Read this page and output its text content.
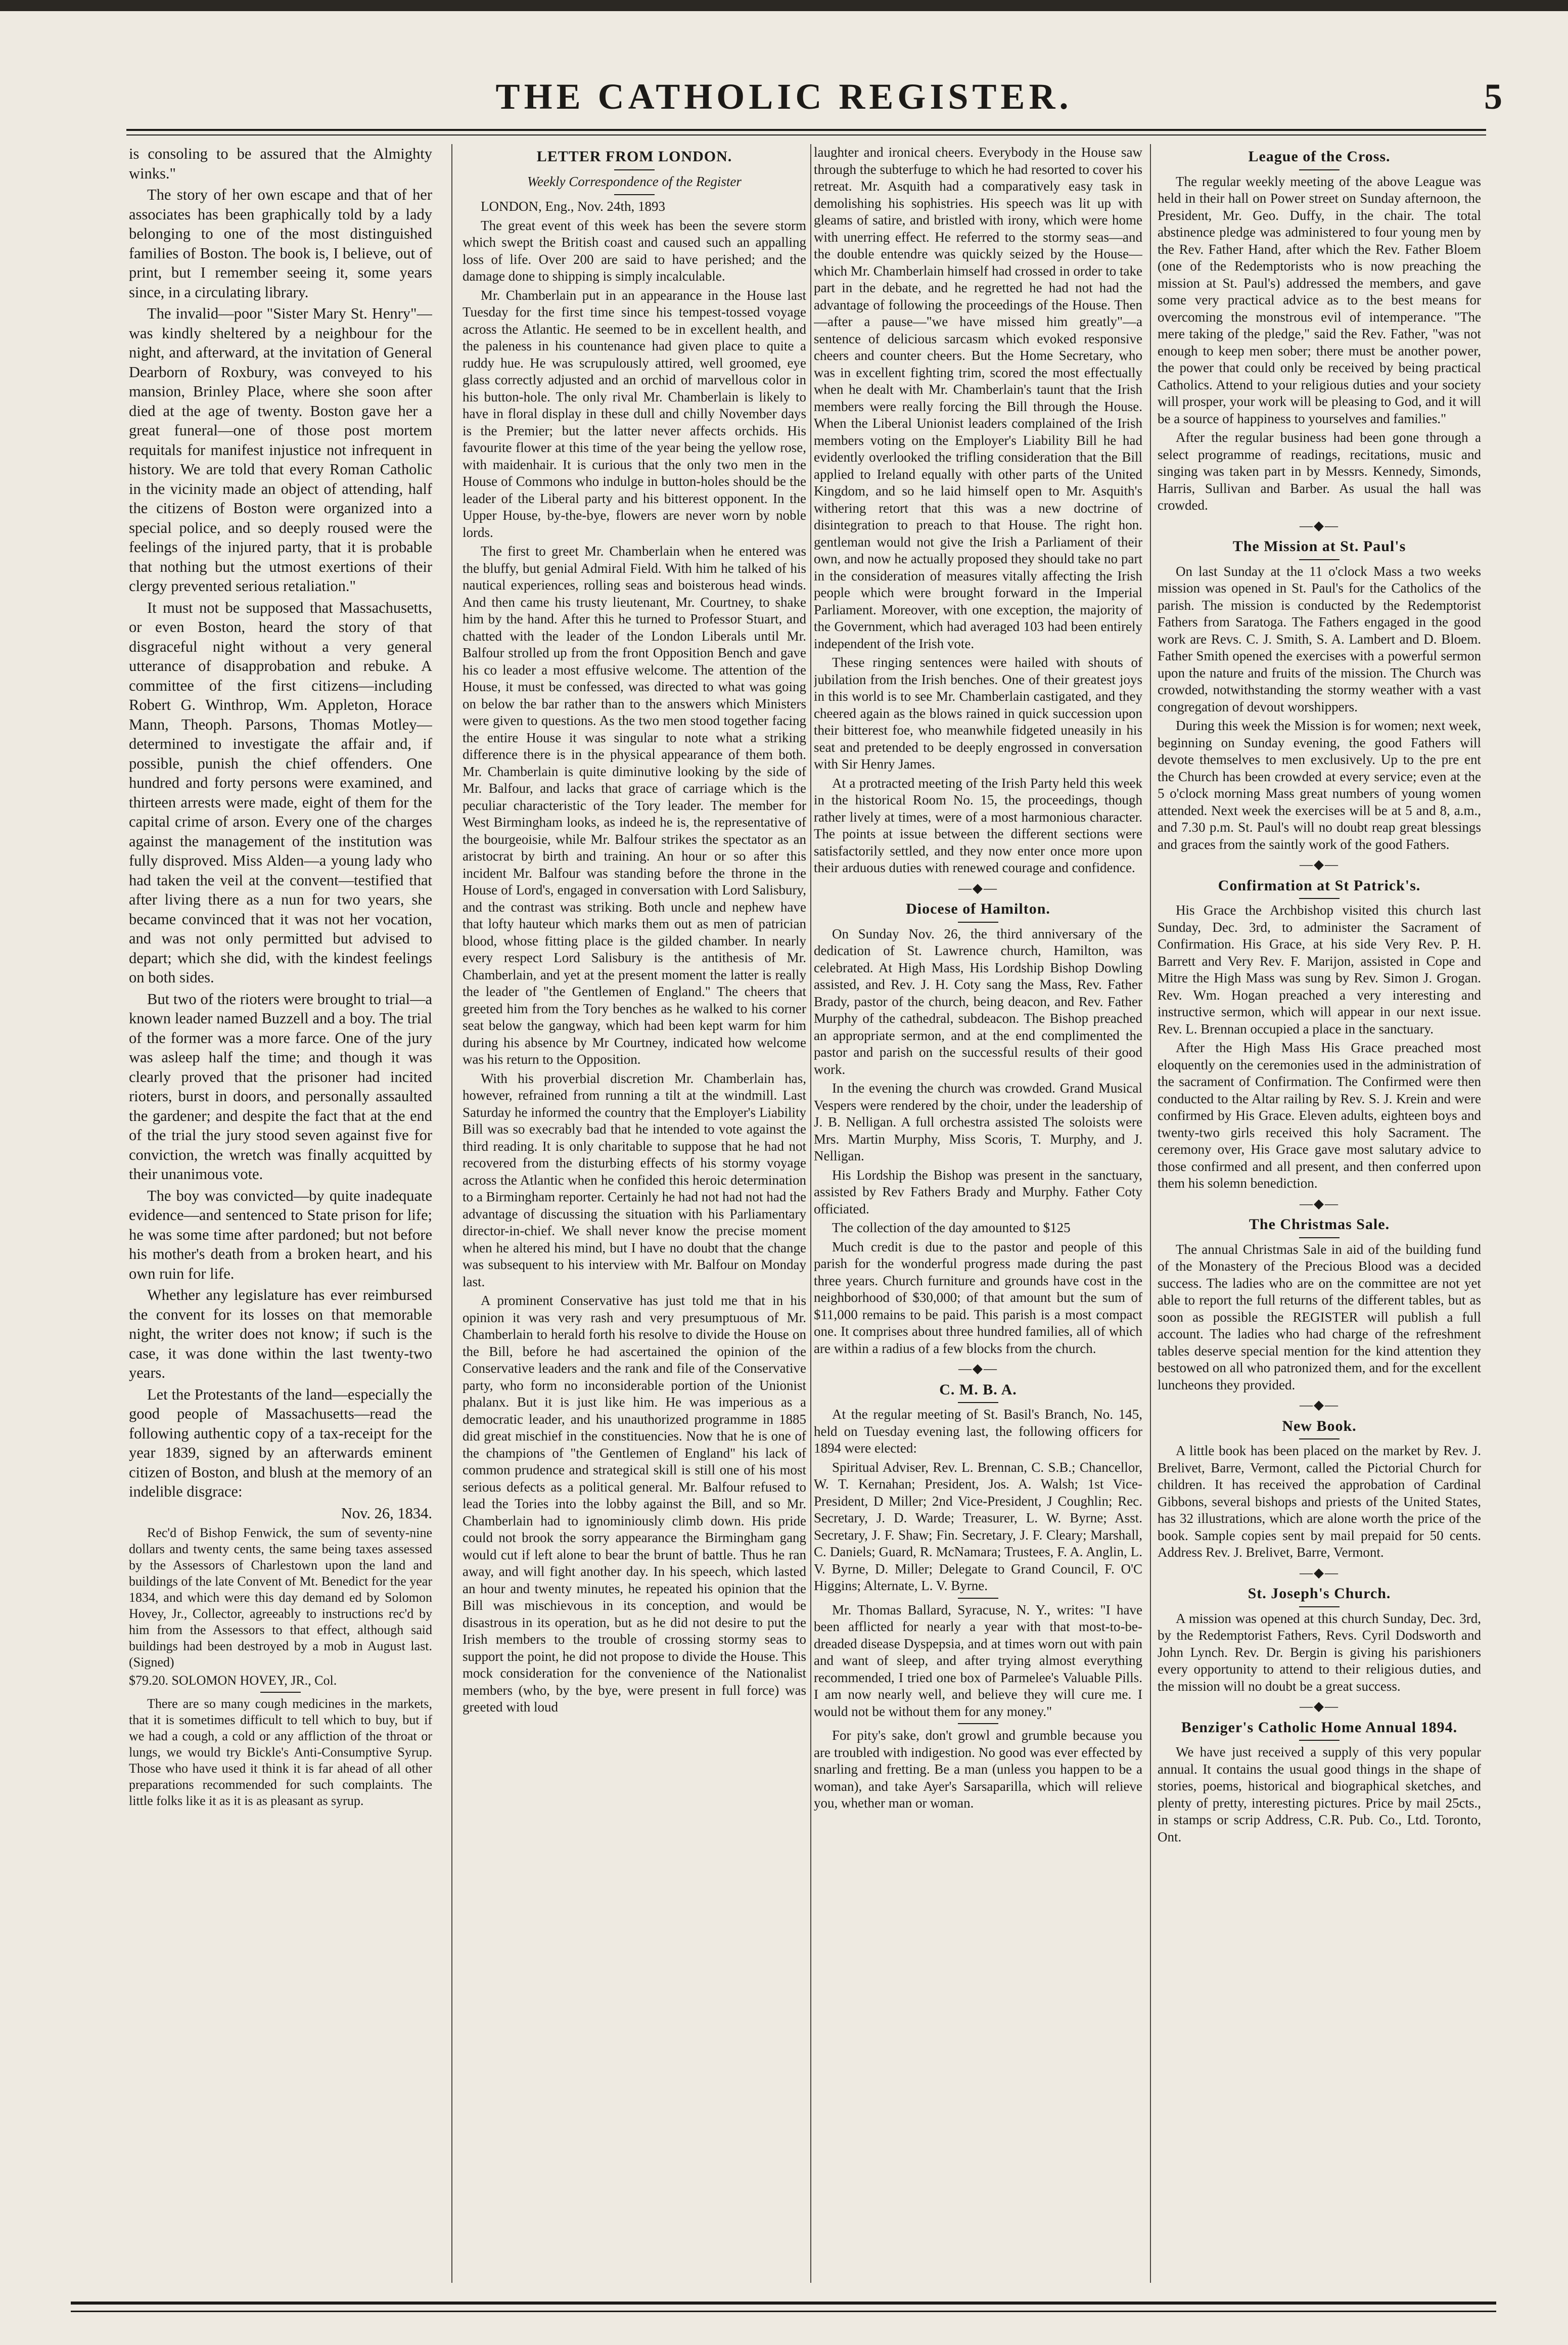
THE CATHOLIC REGISTER.	5

is consoling to be assured that the Almighty winks."

The story of her own escape and that of her associates has been graphically told by a lady belonging to one of the most distinguished families of Boston. The book is, I believe, out of print, but I remember seeing it, some years since, in a circulating library.

The invalid—poor "Sister Mary St. Henry"—was kindly sheltered by a neighbour for the night, and afterward, at the invitation of General Dearborn of Roxbury, was conveyed to his mansion, Brinley Place, where she soon after died at the age of twenty. Boston gave her a great funeral—one of those post mortem requitals for manifest injustice not infrequent in history. We are told that every Roman Catholic in the vicinity made an object of attending, half the citizens of Boston were organized into a special police, and so deeply roused were the feelings of the injured party, that it is probable that nothing but the utmost exertions of their clergy prevented serious retaliation."

It must not be supposed that Massachusetts, or even Boston, heard the story of that disgraceful night without a very general utterance of disapprobation and rebuke. A committee of the first citizens—including Robert G. Winthrop, Wm. Appleton, Horace Mann, Theoph. Parsons, Thomas Motley—determined to investigate the affair and, if possible, punish the chief offenders. One hundred and forty persons were examined, and thirteen arrests were made, eight of them for the capital crime of arson. Every one of the charges against the management of the institution was fully disproved. Miss Alden—a young lady who had taken the veil at the convent—testified that after living there as a nun for two years, she became convinced that it was not her vocation, and was not only permitted but advised to depart; which she did, with the kindest feelings on both sides.

But two of the rioters were brought to trial—a known leader named Buzzell and a boy. The trial of the former was a more farce. One of the jury was asleep half the time; and though it was clearly proved that the prisoner had incited rioters, burst in doors, and personally assaulted the gardener; and despite the fact that at the end of the trial the jury stood seven against five for conviction, the wretch was finally acquitted by their unanimous vote.

The boy was convicted—by quite inadequate evidence—and sentenced to State prison for life; he was some time after pardoned; but not before his mother's death from a broken heart, and his own ruin for life.

Whether any legislature has ever reimbursed the convent for its losses on that memorable night, the writer does not know; if such is the case, it was done within the last twenty-two years.

Let the Protestants of the land—especially the good people of Massachusetts—read the following authentic copy of a tax-receipt for the year 1839, signed by an afterwards eminent citizen of Boston, and blush at the memory of an indelible disgrace:

Nov. 26, 1834.

Rec'd of Bishop Fenwick, the sum of seventy-nine dollars and twenty cents, the same being taxes assessed by the Assessors of Charlestown upon the land and buildings of the late Convent of Mt. Benedict for the year 1834, and which were this day demand ed by Solomon Hovey, Jr., Collector, agreeably to instructions rec'd by him from the Assessors to that effect, although said buildings had been destroyed by a mob in August last. (Signed)

$79.20. SOLOMON HOVEY, JR., Col.

There are so many cough medicines in the markets, that it is sometimes difficult to tell which to buy, but if we had a cough, a cold or any affliction of the throat or lungs, we would try Bickle's Anti-Consumptive Syrup. Those who have used it think it is far ahead of all other preparations recommended for such complaints. The little folks like it as it is as pleasant as syrup.

LETTER FROM LONDON.

Weekly Correspondence of the Register

LONDON, Eng., Nov. 24th, 1893

The great event of this week has been the severe storm which swept the British coast and caused such an appalling loss of life. Over 200 are said to have perished; and the damage done to shipping is simply incalculable.

Mr. Chamberlain put in an appearance in the House last Tuesday for the first time since his tempest-tossed voyage across the Atlantic. He seemed to be in excellent health, and the paleness in his countenance had given place to quite a ruddy hue. He was scrupulously attired, well groomed, eye glass correctly adjusted and an orchid of marvellous color in his button-hole. The only rival Mr. Chamberlain is likely to have in floral display in these dull and chilly November days is the Premier; but the latter never affects orchids. His favourite flower at this time of the year being the yellow rose, with maidenhair. It is curious that the only two men in the House of Commons who indulge in button-holes should be the leader of the Liberal party and his bitterest opponent. In the Upper House, by-the-bye, flowers are never worn by noble lords.

The first to greet Mr. Chamberlain when he entered was the bluffy, but genial Admiral Field. With him he talked of his nautical experiences, rolling seas and boisterous head winds. And then came his trusty lieutenant, Mr. Courtney, to shake him by the hand. After this he turned to Professor Stuart, and chatted with the leader of the London Liberals until Mr. Balfour strolled up from the front Opposition Bench and gave his co leader a most effusive welcome. The attention of the House, it must be confessed, was directed to what was going on below the bar rather than to the answers which Ministers were given to questions. As the two men stood together facing the entire House it was singular to note what a striking difference there is in the physical appearance of them both. Mr. Chamberlain is quite diminutive looking by the side of Mr. Balfour, and lacks that grace of carriage which is the peculiar characteristic of the Tory leader. The member for West Birmingham looks, as indeed he is, the representative of the bourgeoisie, while Mr. Balfour strikes the spectator as an aristocrat by birth and training. An hour or so after this incident Mr. Balfour was standing before the throne in the House of Lord's, engaged in conversation with Lord Salisbury, and the contrast was striking. Both uncle and nephew have that lofty hauteur which marks them out as men of patrician blood, whose fitting place is the gilded chamber. In nearly every respect Lord Salisbury is the antithesis of Mr. Chamberlain, and yet at the present moment the latter is really the leader of "the Gentlemen of England." The cheers that greeted him from the Tory benches as he walked to his corner seat below the gangway, which had been kept warm for him during his absence by Mr Courtney, indicated how welcome was his return to the Opposition.

With his proverbial discretion Mr. Chamberlain has, however, refrained from running a tilt at the windmill. Last Saturday he informed the country that the Employer's Liability Bill was so execrably bad that he intended to vote against the third reading. It is only charitable to suppose that he had not recovered from the disturbing effects of his stormy voyage across the Atlantic when he confided this heroic determination to a Birmingham reporter. Certainly he had not had not had the advantage of discussing the situation with his Parliamentary director-in-chief. We shall never know the precise moment when he altered his mind, but I have no doubt that the change was subsequent to his interview with Mr. Balfour on Monday last.

A prominent Conservative has just told me that in his opinion it was very rash and very presumptuous of Mr. Chamberlain to herald forth his resolve to divide the House on the Bill, before he had ascertained the opinion of the Conservative leaders and the rank and file of the Conservative party, who form no inconsiderable portion of the Unionist phalanx. But it is just like him. He was imperious as a democratic leader, and his unauthorized programme in 1885 did great mischief in the constituencies. Now that he is one of the champions of "the Gentlemen of England" his lack of common prudence and strategical skill is still one of his most serious defects as a political general. Mr. Balfour refused to lead the Tories into the lobby against the Bill, and so Mr. Chamberlain had to ignominiously climb down. His pride could not brook the sorry appearance the Birmingham gang would cut if left alone to bear the brunt of battle. Thus he ran away, and will fight another day. In his speech, which lasted an hour and twenty minutes, he repeated his opinion that the Bill was mischievous in its conception, and would be disastrous in its operation, but as he did not desire to put the Irish members to the trouble of crossing stormy seas to support the point, he did not propose to divide the House. This mock consideration for the convenience of the Nationalist members (who, by the bye, were present in full force) was greeted with loud

laughter and ironical cheers. Everybody in the House saw through the subterfuge to which he had resorted to cover his retreat. Mr. Asquith had a comparatively easy task in demolishing his sophistries. His speech was lit up with gleams of satire, and bristled with irony, which were home with unerring effect. He referred to the stormy seas—and the double entendre was quickly seized by the House—which Mr. Chamberlain himself had crossed in order to take part in the debate, and he regretted he had not had the advantage of following the proceedings of the House. Then—after a pause—"we have missed him greatly"—a sentence of delicious sarcasm which evoked responsive cheers and counter cheers. But the Home Secretary, who was in excellent fighting trim, scored the most effectually when he dealt with Mr. Chamberlain's taunt that the Irish members were really forcing the Bill through the House. When the Liberal Unionist leaders complained of the Irish members voting on the Employer's Liability Bill he had evidently overlooked the trifling consideration that the Bill applied to Ireland equally with other parts of the United Kingdom, and so he laid himself open to Mr. Asquith's withering retort that this was a new doctrine of disintegration to preach to that House. The right hon. gentleman would not give the Irish a Parliament of their own, and now he actually proposed they should take no part in the consideration of measures vitally affecting the Irish people which were brought forward in the Imperial Parliament. Moreover, with one exception, the majority of the Government, which had averaged 103 had been entirely independent of the Irish vote.

These ringing sentences were hailed with shouts of jubilation from the Irish benches. One of their greatest joys in this world is to see Mr. Chamberlain castigated, and they cheered again as the blows rained in quick succession upon their bitterest foe, who meanwhile fidgeted uneasily in his seat and pretended to be deeply engrossed in conversation with Sir Henry James.

At a protracted meeting of the Irish Party held this week in the historical Room No. 15, the proceedings, though rather lively at times, were of a most harmonious character. The points at issue between the different sections were satisfactorily settled, and they now enter once more upon their arduous duties with renewed courage and confidence.

—◆—
Diocese of Hamilton.

On Sunday Nov. 26, the third anniversary of the dedication of St. Lawrence church, Hamilton, was celebrated. At High Mass, His Lordship Bishop Dowling assisted, and Rev. J. H. Coty sang the Mass, Rev. Father Brady, pastor of the church, being deacon, and Rev. Father Murphy of the cathedral, subdeacon. The Bishop preached an appropriate sermon, and at the end complimented the pastor and parish on the successful results of their good work.

In the evening the church was crowded. Grand Musical Vespers were rendered by the choir, under the leadership of J. B. Nelligan. A full orchestra assisted The soloists were Mrs. Martin Murphy, Miss Scoris, T. Murphy, and J. Nelligan.

His Lordship the Bishop was present in the sanctuary, assisted by Rev Fathers Brady and Murphy. Father Coty officiated.

The collection of the day amounted to $125

Much credit is due to the pastor and people of this parish for the wonderful progress made during the past three years. Church furniture and grounds have cost in the neighborhood of $30,000; of that amount but the sum of $11,000 remains to be paid. This parish is a most compact one. It comprises about three hundred families, all of which are within a radius of a few blocks from the church.

—◆—
C. M. B. A.

At the regular meeting of St. Basil's Branch, No. 145, held on Tuesday evening last, the following officers for 1894 were elected:

Spiritual Adviser, Rev. L. Brennan, C. S.B.; Chancellor, W. T. Kernahan; President, Jos. A. Walsh; 1st Vice-President, D Miller; 2nd Vice-President, J Coughlin; Rec. Secretary, J. D. Warde; Treasurer, L. W. Byrne; Asst. Secretary, J. F. Shaw; Fin. Secretary, J. F. Cleary; Marshall, C. Daniels; Guard, R. McNamara; Trustees, F. A. Anglin, L. V. Byrne, D. Miller; Delegate to Grand Council, F. O'C Higgins; Alternate, L. V. Byrne.

Mr. Thomas Ballard, Syracuse, N. Y., writes: "I have been afflicted for nearly a year with that most-to-be-dreaded disease Dyspepsia, and at times worn out with pain and want of sleep, and after trying almost everything recommended, I tried one box of Parmelee's Valuable Pills. I am now nearly well, and believe they will cure me. I would not be without them for any money."

For pity's sake, don't growl and grumble because you are troubled with indigestion. No good was ever effected by snarling and fretting. Be a man (unless you happen to be a woman), and take Ayer's Sarsaparilla, which will relieve you, whether man or woman.

League of the Cross.

The regular weekly meeting of the above League was held in their hall on Power street on Sunday afternoon, the President, Mr. Geo. Duffy, in the chair. The total abstinence pledge was administered to four young men by the Rev. Father Hand, after which the Rev. Father Bloem (one of the Redemptorists who is now preaching the mission at St. Paul's) addressed the members, and gave some very practical advice as to the best means for overcoming the monstrous evil of intemperance. "The mere taking of the pledge," said the Rev. Father, "was not enough to keep men sober; there must be another power, the power that could only be received by being practical Catholics. Attend to your religious duties and your society will prosper, your work will be pleasing to God, and it will be a source of happiness to yourselves and families."

After the regular business had been gone through a select programme of readings, recitations, music and singing was taken part in by Messrs. Kennedy, Simonds, Harris, Sullivan and Barber. As usual the hall was crowded.

—◆—
The Mission at St. Paul's

On last Sunday at the 11 o'clock Mass a two weeks mission was opened in St. Paul's for the Catholics of the parish. The mission is conducted by the Redemptorist Fathers from Saratoga. The Fathers engaged in the good work are Revs. C. J. Smith, S. A. Lambert and D. Bloem. Father Smith opened the exercises with a powerful sermon upon the nature and fruits of the mission. The Church was crowded, notwithstanding the stormy weather with a vast congregation of devout worshippers.

During this week the Mission is for women; next week, beginning on Sunday evening, the good Fathers will devote themselves to men exclusively. Up to the pre ent the Church has been crowded at every service; even at the 5 o'clock morning Mass great numbers of young women attended. Next week the exercises will be at 5 and 8, a.m., and 7.30 p.m. St. Paul's will no doubt reap great blessings and graces from the saintly work of the good Fathers.

—◆—
Confirmation at St Patrick's.

His Grace the Archbishop visited this church last Sunday, Dec. 3rd, to administer the Sacrament of Confirmation. His Grace, at his side Very Rev. P. H. Barrett and Very Rev. F. Marijon, assisted in Cope and Mitre the High Mass was sung by Rev. Simon J. Grogan. Rev. Wm. Hogan preached a very interesting and instructive sermon, which will appear in our next issue. Rev. L. Brennan occupied a place in the sanctuary.

After the High Mass His Grace preached most eloquently on the ceremonies used in the administration of the sacrament of Confirmation. The Confirmed were then conducted to the Altar railing by Rev. S. J. Krein and were confirmed by His Grace. Eleven adults, eighteen boys and twenty-two girls received this holy Sacrament. The ceremony over, His Grace gave most salutary advice to those confirmed and all present, and then conferred upon them his solemn benediction.

—◆—
The Christmas Sale.

The annual Christmas Sale in aid of the building fund of the Monastery of the Precious Blood was a decided success. The ladies who are on the committee are not yet able to report the full returns of the different tables, but as soon as possible the REGISTER will publish a full account. The ladies who had charge of the refreshment tables deserve special mention for the kind attention they bestowed on all who patronized them, and for the excellent luncheons they provided.

—◆—
New Book.

A little book has been placed on the market by Rev. J. Brelivet, Barre, Vermont, called the Pictorial Church for children. It has received the approbation of Cardinal Gibbons, several bishops and priests of the United States, has 32 illustrations, which are alone worth the price of the book. Sample copies sent by mail prepaid for 50 cents. Address Rev. J. Brelivet, Barre, Vermont.

—◆—
St. Joseph's Church.

A mission was opened at this church Sunday, Dec. 3rd, by the Redemptorist Fathers, Revs. Cyril Dodsworth and John Lynch. Rev. Dr. Bergin is giving his parishioners every opportunity to attend to their religious duties, and the mission will no doubt be a great success.

—◆—
Benziger's Catholic Home Annual 1894.

We have just received a supply of this very popular annual. It contains the usual good things in the shape of stories, poems, historical and biographical sketches, and plenty of pretty, interesting pictures. Price by mail 25cts., in stamps or scrip Address, C.R. Pub. Co., Ltd. Toronto, Ont.
